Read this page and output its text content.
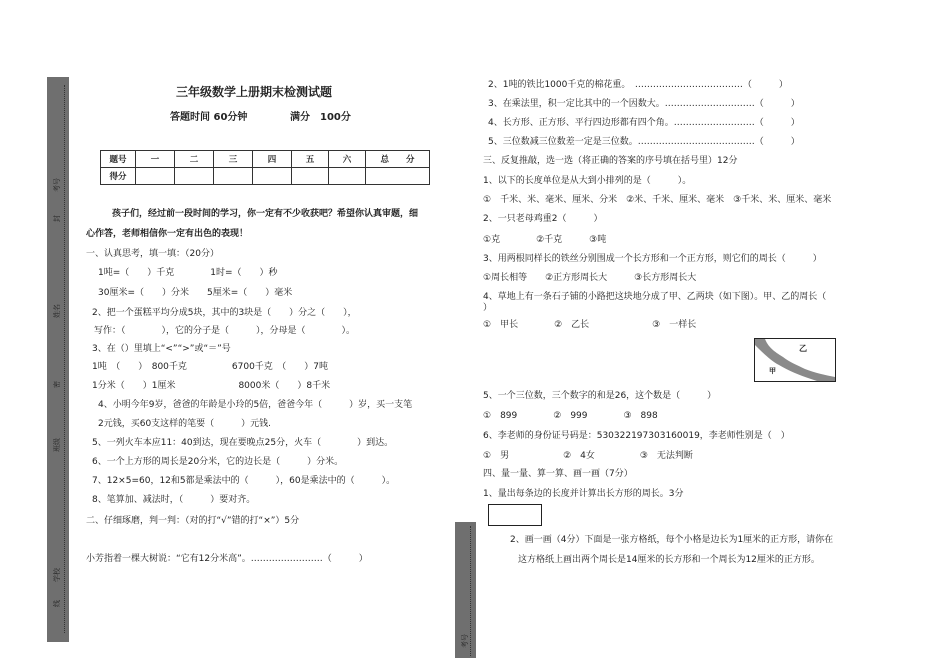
考号
封
姓名
密
班级
学校
线
三年级数学上册期末检测试题
答题时间 60分钟	满分　100分
题号	一	二	三	四	五	六	总　　分
得分							
孩子们，经过前一段时间的学习，你一定有不少收获吧？希望你认真审题，细
心作答，老师相信你一定有出色的表现！
一、认真思考，填一填：（20分）
1吨=（　　）千克　　　　1时=（　　）秒
30厘米=（　　）分米　　5厘米=（　　）毫米
2、把一个蛋糕平均分成5块，其中的3块是（　　）分之（　　），
写作：（　　　　），它的分子是（　　　），分母是（　　　　）。
3、在（）里填上“<”“>”或“＝”号
1吨　（　　）　800千克　　　　　6700千克　（　　）7吨
1分米（　　）1厘米　　　　　　　8000米（　　）8千米
4、小明今年9岁，爸爸的年龄是小玲的5倍，爸爸今年（　　　）岁，买一支笔
2元钱，买60支这样的笔要（　　　）元钱.
5、一列火车本应11：40到达，现在要晚点25分，火车（　　　　）到达。
6、一个上方形的周长是20分米，它的边长是（　　　）分米。
7、12×5=60，12和5都是乘法中的（　　　），60是乘法中的（　　　）。
8、笔算加、减法时，（　　　）要对齐。
二、仔细琢磨，判一判：（对的打“√”错的打“×”）5分
小芳指着一棵大树说：“它有12分米高”。……………………（　　　）
2、1吨的铁比1000千克的棉花重。　………………………………（　　　）
3、在乘法里，积一定比其中的一个因数大。…………………………（　　　）
4、长方形、正方形、平行四边形都有四个角。………………………（　　　）
5、三位数减三位数差一定是三位数。…………………………………（　　　）
三、反复推敲，选一选（将正确的答案的序号填在括号里）12分
1、以下的长度单位是从大到小排列的是（　　　）。
①　千米、米、毫米、厘米、分米　②米、千米、厘米、毫米　③千米、米、厘米、毫米
2、一只老母鸡重2（　　　）
①克　　　　②千克　　　③吨
3、用两根同样长的铁丝分别围成一个长方形和一个正方形，则它们的周长（　　　）
①周长相等　　②正方形周长大　　　③长方形周长大
4、草地上有一条石子铺的小路把这块地分成了甲、乙两块（如下图）。甲、乙的周长（
）
①　甲长　　　　②　乙长　　　　　　　③　一样长
乙
甲
5、一个三位数，三个数字的和是26，这个数是（　　　）
①　899　　　　②　999　　　　③　898
6、李老师的身份证号码是：530322197303160019，李老师性别是（　）
①　男　　　　　　②　4女　　　　　③　无法判断
四、量一量、算一算、画一画（7分）
1、量出每条边的长度并计算出长方形的周长。3分
2、画一画（4分）下面是一张方格纸，每个小格是边长为1厘米的正方形，请你在
这方格纸上画出两个周长是14厘米的长方形和一个周长为12厘米的正方形。
考号
